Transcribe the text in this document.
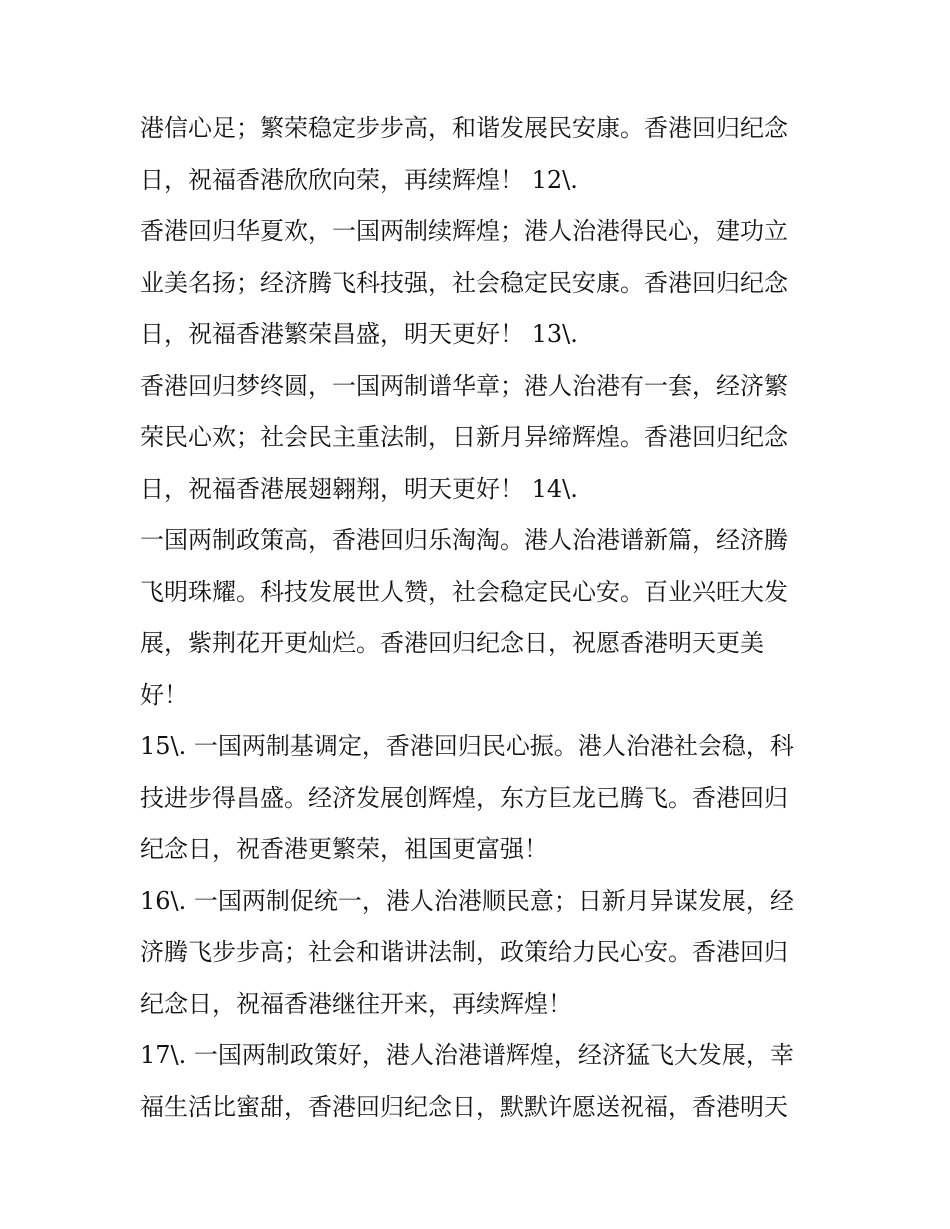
港信心足；繁荣稳定步步高，和谐发展民安康。香港回归纪念
日，祝福香港欣欣向荣，再续辉煌！ 12\.
香港回归华夏欢，一国两制续辉煌；港人治港得民心，建功立
业美名扬；经济腾飞科技强，社会稳定民安康。香港回归纪念
日，祝福香港繁荣昌盛，明天更好！ 13\.
香港回归梦终圆，一国两制谱华章；港人治港有一套，经济繁
荣民心欢；社会民主重法制，日新月异缔辉煌。香港回归纪念
日，祝福香港展翅翱翔，明天更好！ 14\.
一国两制政策高，香港回归乐淘淘。港人治港谱新篇，经济腾
飞明珠耀。科技发展世人赞，社会稳定民心安。百业兴旺大发
展，紫荆花开更灿烂。香港回归纪念日，祝愿香港明天更美
好！
15\. 一国两制基调定，香港回归民心振。港人治港社会稳，科
技进步得昌盛。经济发展创辉煌，东方巨龙已腾飞。香港回归
纪念日，祝香港更繁荣，祖国更富强！
16\. 一国两制促统一，港人治港顺民意；日新月异谋发展，经
济腾飞步步高；社会和谐讲法制，政策给力民心安。香港回归
纪念日，祝福香港继往开来，再续辉煌！
17\. 一国两制政策好，港人治港谱辉煌，经济猛飞大发展，幸
福生活比蜜甜，香港回归纪念日，默默许愿送祝福，香港明天
